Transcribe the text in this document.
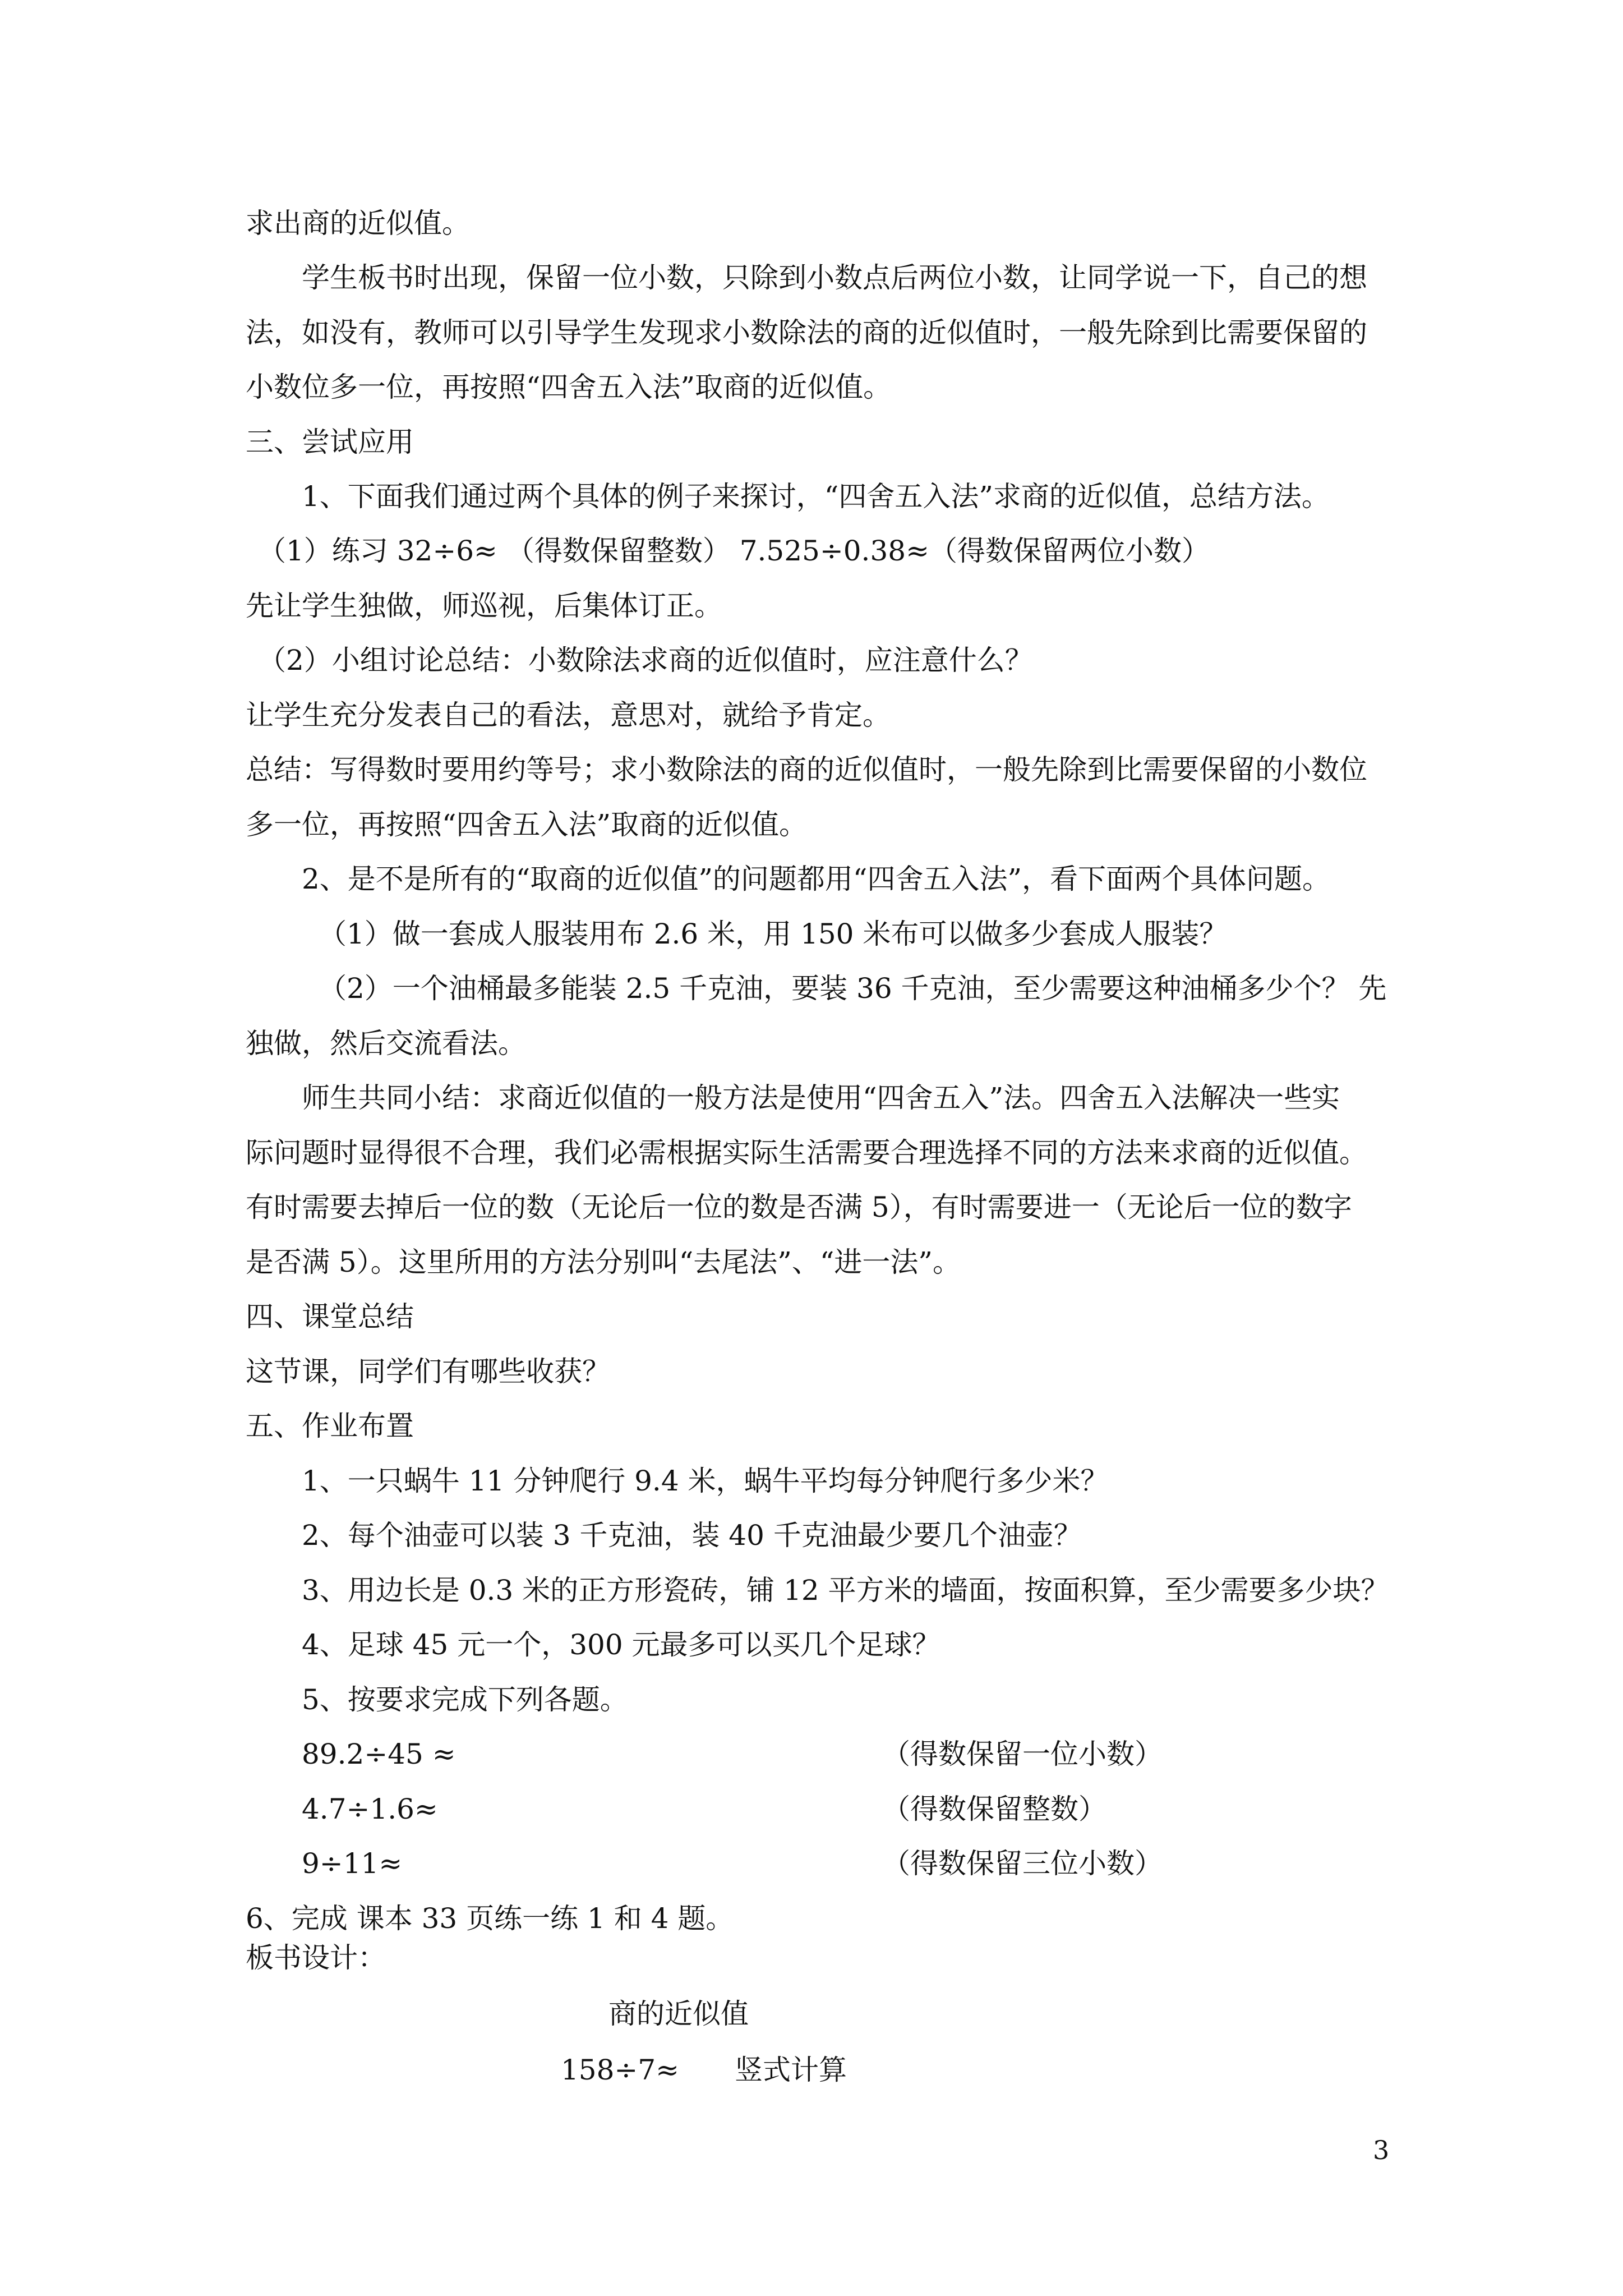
求出商的近似值。
学生板书时出现，保留一位小数，只除到小数点后两位小数，让同学说一下，自己的想
法，如没有，教师可以引导学生发现求小数除法的商的近似值时，一般先除到比需要保留的
小数位多一位，再按照“四舍五入法”取商的近似值。
三、尝试应用
1、下面我们通过两个具体的例子来探讨，“四舍五入法”求商的近似值，总结方法。
（1）练习 32÷6≈ （得数保留整数） 7.525÷0.38≈（得数保留两位小数）
先让学生独做，师巡视，后集体订正。
（2）小组讨论总结：小数除法求商的近似值时，应注意什么？
让学生充分发表自己的看法，意思对，就给予肯定。
总结：写得数时要用约等号；求小数除法的商的近似值时，一般先除到比需要保留的小数位
多一位，再按照“四舍五入法”取商的近似值。
2、是不是所有的“取商的近似值”的问题都用“四舍五入法”，看下面两个具体问题。
（1）做一套成人服装用布 2.6 米，用 150 米布可以做多少套成人服装？
（2）一个油桶最多能装 2.5 千克油，要装 36 千克油，至少需要这种油桶多少个？ 先
独做，然后交流看法。
师生共同小结：求商近似值的一般方法是使用“四舍五入”法。四舍五入法解决一些实
际问题时显得很不合理，我们必需根据实际生活需要合理选择不同的方法来求商的近似值。
有时需要去掉后一位的数（无论后一位的数是否满 5），有时需要进一（无论后一位的数字
是否满 5）。这里所用的方法分别叫“去尾法”、“进一法”。
四、课堂总结
这节课，同学们有哪些收获？
五、作业布置
1、一只蜗牛 11 分钟爬行 9.4 米，蜗牛平均每分钟爬行多少米？
2、每个油壶可以装 3 千克油，装 40 千克油最少要几个油壶？
3、用边长是 0.3 米的正方形瓷砖，铺 12 平方米的墙面，按面积算，至少需要多少块？
4、足球 45 元一个，300 元最多可以买几个足球？
5、按要求完成下列各题。
89.2÷45 ≈	（得数保留一位小数）
4.7÷1.6≈	（得数保留整数）
9÷11≈	（得数保留三位小数）
6、完成 课本 33 页练一练 1 和 4 题。
板书设计：
商的近似值
158÷7≈ 竖式计算
3
